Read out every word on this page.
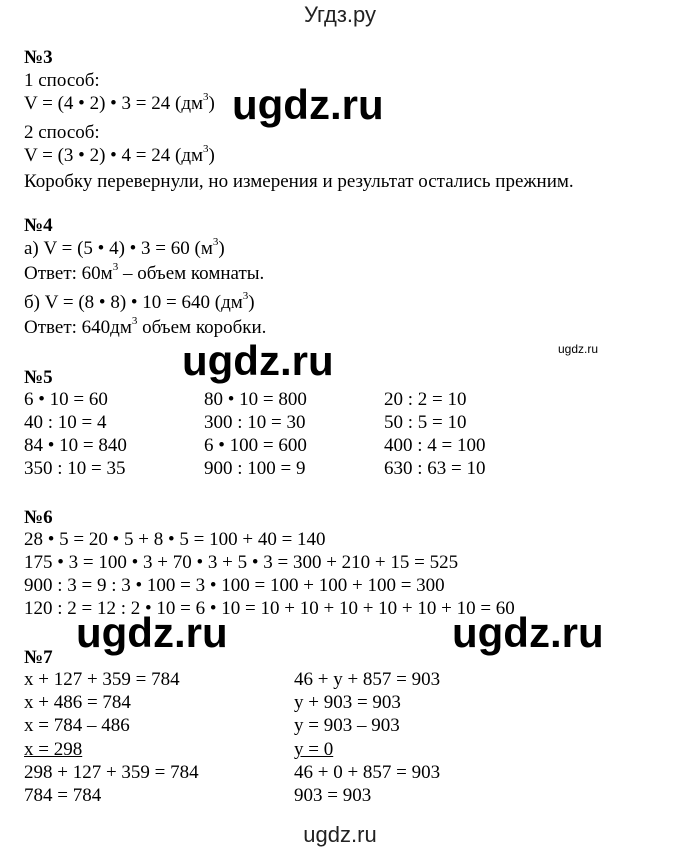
Угдз.ру
ugdz.ru
ugdz.ru	ugdz.ru
ugdz.ru	ugdz.ru
№3
1 способ:
V = (4 • 2) • 3 = 24 $(дм^3)$
2 способ:
V = (3 • 2) • 4 = 24 $(дм^3)$
Коробку перевернули, но измерения и результат остались прежним.
№4
а) V = (5 • 4) • 3 = 60 $(м^3)$
Ответ: $60м^3$ – объем комнаты.
б) V = (8 • 8) • 10 = 640 $(дм^3)$
Ответ: $640дм^3$ объем коробки.
№5
6 • 10 = 60
40 : 10 = 4
84 • 10 = 840
350 : 10 = 35
80 • 10 = 800
300 : 10 = 30
6 • 100 = 600
900 : 100 = 9
20 : 2 = 10
50 : 5 = 10
400 : 4 = 100
630 : 63 = 10
№6
28 • 5 = 20 • 5 + 8 • 5 = 100 + 40 = 140
175 • 3 = 100 • 3 + 70 • 3 + 5 • 3 = 300 + 210 + 15 = 525
900 : 3 = 9 : 3 • 100 = 3 • 100 = 100 + 100 + 100 = 300
120 : 2 = 12 : 2 • 10 = 6 • 10 = 10 + 10 + 10 + 10 + 10 + 10 = 60
№7
x + 127 + 359 = 784
x + 486 = 784
x = 784 – 486
x = 298
298 + 127 + 359 = 784
784 = 784
46 + y + 857 = 903
y + 903 = 903
y = 903 – 903
y = 0
46 + 0 + 857 = 903
903 = 903
ugdz.ru
